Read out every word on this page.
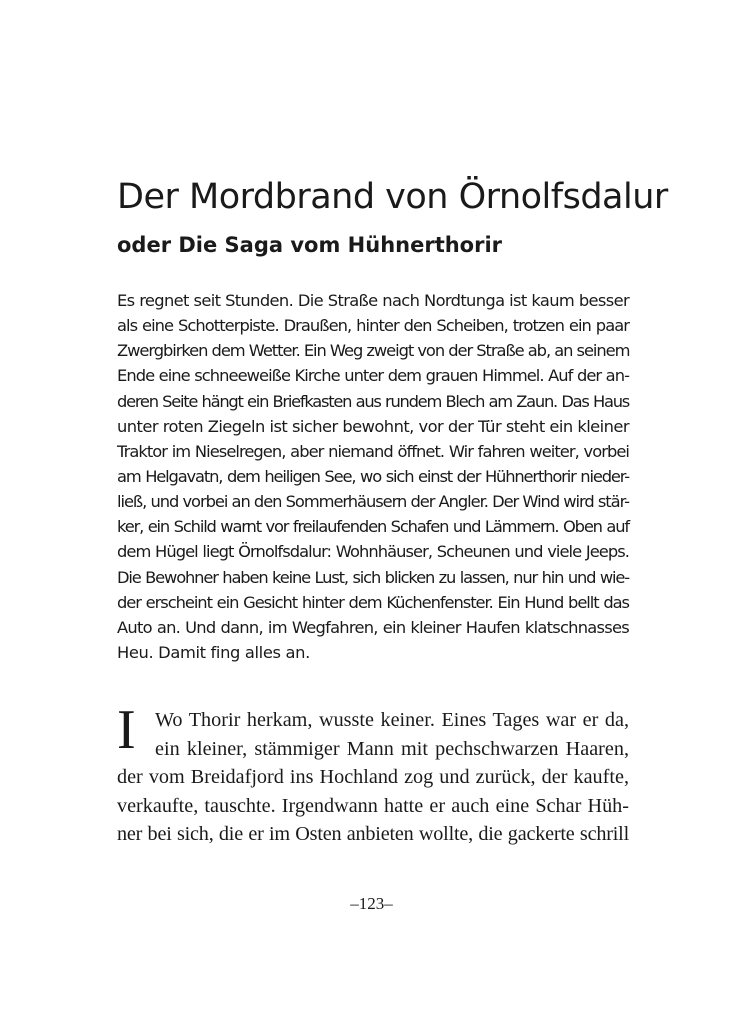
Der Mordbrand von Örnolfsdalur
oder Die Saga vom Hühnerthorir
Es regnet seit Stunden. Die Straße nach Nordtunga ist kaum besser
als eine Schotterpiste. Draußen, hinter den Scheiben, trotzen ein paar
Zwergbirken dem Wetter. Ein Weg zweigt von der Straße ab, an seinem
Ende eine schneeweiße Kirche unter dem grauen Himmel. Auf der an-
deren Seite hängt ein Briefkasten aus rundem Blech am Zaun. Das Haus
unter roten Ziegeln ist sicher bewohnt, vor der Tür steht ein kleiner
Traktor im Nieselregen, aber niemand öffnet. Wir fahren weiter, vorbei
am Helgavatn, dem heiligen See, wo sich einst der Hühnerthorir nieder-
ließ, und vorbei an den Sommerhäusern der Angler. Der Wind wird stär-
ker, ein Schild warnt vor freilaufenden Schafen und Lämmern. Oben auf
dem Hügel liegt Örnolfsdalur: Wohnhäuser, Scheunen und viele Jeeps.
Die Bewohner haben keine Lust, sich blicken zu lassen, nur hin und wie-
der erscheint ein Gesicht hinter dem Küchenfenster. Ein Hund bellt das
Auto an. Und dann, im Wegfahren, ein kleiner Haufen klatschnasses
Heu. Damit fing alles an.
I Wo Thorir herkam, wusste keiner. Eines Tages war er da,
ein kleiner, stämmiger Mann mit pechschwarzen Haaren,
der vom Breidafjord ins Hochland zog und zurück, der kaufte,
verkaufte, tauschte. Irgendwann hatte er auch eine Schar Hüh-
ner bei sich, die er im Osten anbieten wollte, die gackerte schrill
–123–
